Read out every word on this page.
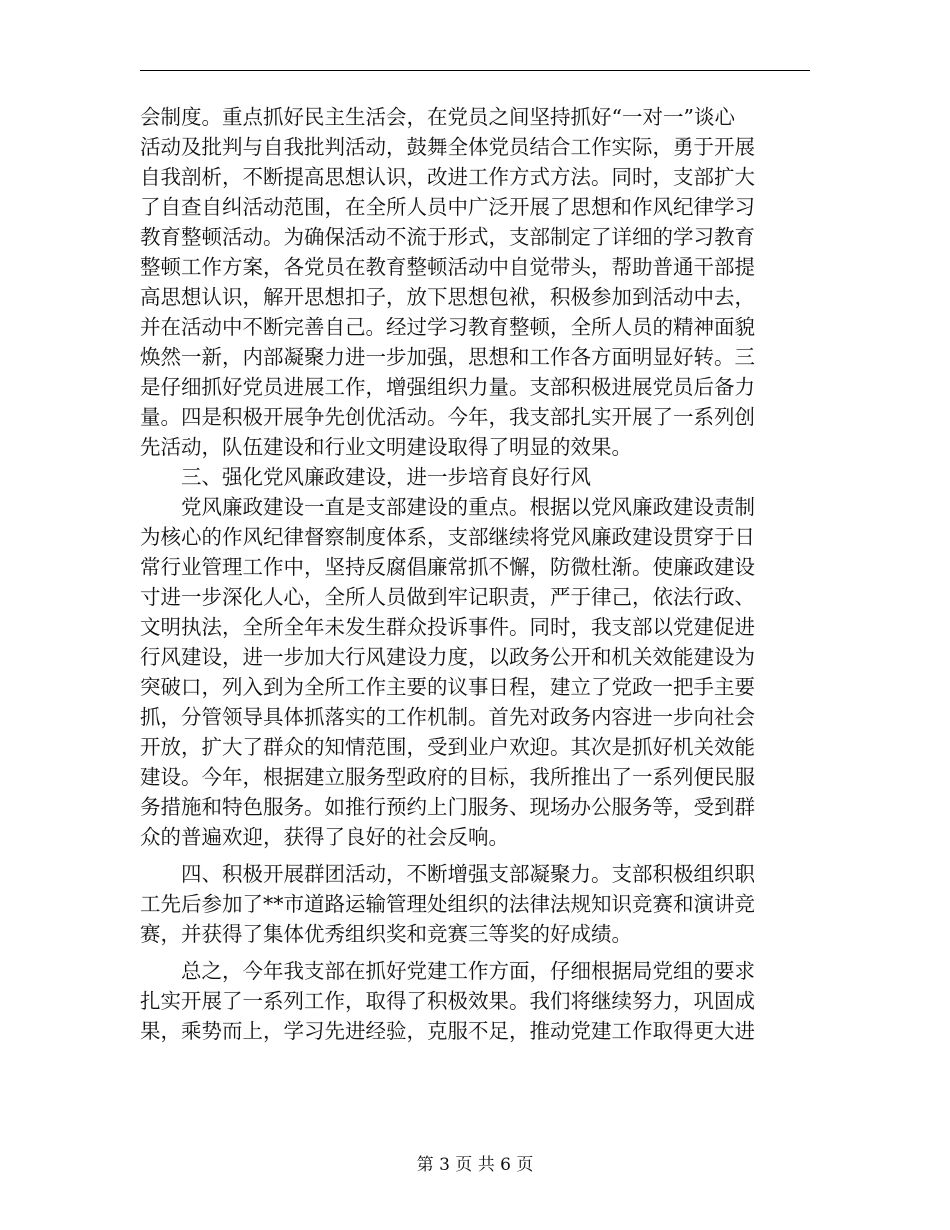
会制度。重点抓好民主生活会，在党员之间坚持抓好“一对一”谈心
活动及批判与自我批判活动，鼓舞全体党员结合工作实际，勇于开展
自我剖析，不断提高思想认识，改进工作方式方法。同时，支部扩大
了自查自纠活动范围，在全所人员中广泛开展了思想和作风纪律学习
教育整顿活动。为确保活动不流于形式，支部制定了详细的学习教育
整顿工作方案，各党员在教育整顿活动中自觉带头，帮助普通干部提
高思想认识，解开思想扣子，放下思想包袱，积极参加到活动中去，
并在活动中不断完善自己。经过学习教育整顿，全所人员的精神面貌
焕然一新，内部凝聚力进一步加强，思想和工作各方面明显好转。三
是仔细抓好党员进展工作，增强组织力量。支部积极进展党员后备力
量。四是积极开展争先创优活动。今年，我支部扎实开展了一系列创
先活动，队伍建设和行业文明建设取得了明显的效果。
三、强化党风廉政建设，进一步培育良好行风
党风廉政建设一直是支部建设的重点。根据以党风廉政建设责制
为核心的作风纪律督察制度体系，支部继续将党风廉政建设贯穿于日
常行业管理工作中，坚持反腐倡廉常抓不懈，防微杜渐。使廉政建设
寸进一步深化人心，全所人员做到牢记职责，严于律己，依法行政、
文明执法，全所全年未发生群众投诉事件。同时，我支部以党建促进
行风建设，进一步加大行风建设力度，以政务公开和机关效能建设为
突破口，列入到为全所工作主要的议事日程，建立了党政一把手主要
抓，分管领导具体抓落实的工作机制。首先对政务内容进一步向社会
开放，扩大了群众的知情范围，受到业户欢迎。其次是抓好机关效能
建设。今年，根据建立服务型政府的目标，我所推出了一系列便民服
务措施和特色服务。如推行预约上门服务、现场办公服务等，受到群
众的普遍欢迎，获得了良好的社会反响。
四、积极开展群团活动，不断增强支部凝聚力。支部积极组织职
工先后参加了**市道路运输管理处组织的法律法规知识竞赛和演讲竞
赛，并获得了集体优秀组织奖和竞赛三等奖的好成绩。
总之，今年我支部在抓好党建工作方面，仔细根据局党组的要求
扎实开展了一系列工作，取得了积极效果。我们将继续努力，巩固成
果，乘势而上，学习先进经验，克服不足，推动党建工作取得更大进
第 3 页 共 6 页
